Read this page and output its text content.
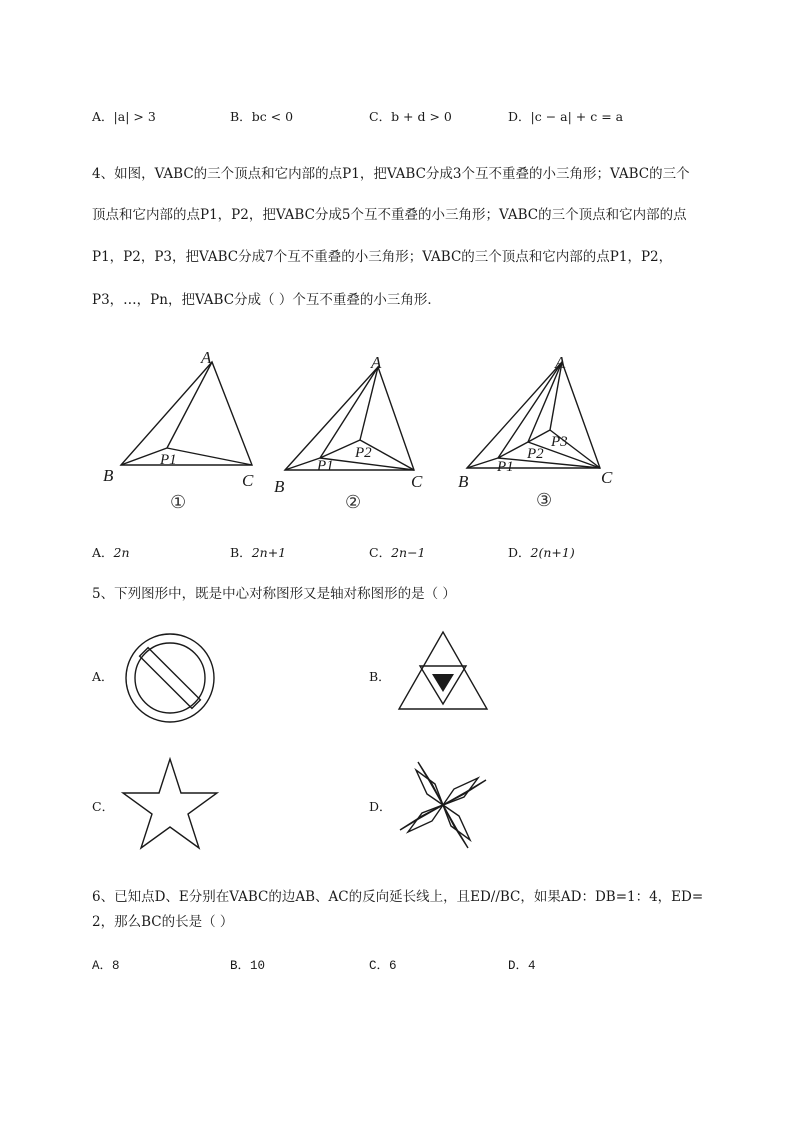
A．|a| > 3	B．bc < 0	C．b + d > 0	D．|c − a| + c = a
4、如图，VABC的三个顶点和它内部的点P1，把VABC分成3个互不重叠的小三角形；VABC的三个
顶点和它内部的点P1，P2，把VABC分成5个互不重叠的小三角形；VABC的三个顶点和它内部的点
P1，P2，P3，把VABC分成7个互不重叠的小三角形；VABC的三个顶点和它内部的点P1，P2，
P3，…，Pn，把VABC分成（ ）个互不重叠的小三角形．
A
B	C
P1
A
B	C
P1
P2
A
B	C
P1
P2
P3
①	②	③
A．2n	B．2n+1	C．2n−1	D．2(n+1)
5、下列图形中，既是中心对称图形又是轴对称图形的是（ ）
A．	B．
C．	D．
6、已知点D、E分别在VABC的边AB、AC的反向延长线上，且ED//BC，如果AD：DB=1：4，ED=
2，那么BC的长是（ ）
A．8	B．10	C．6	D．4
